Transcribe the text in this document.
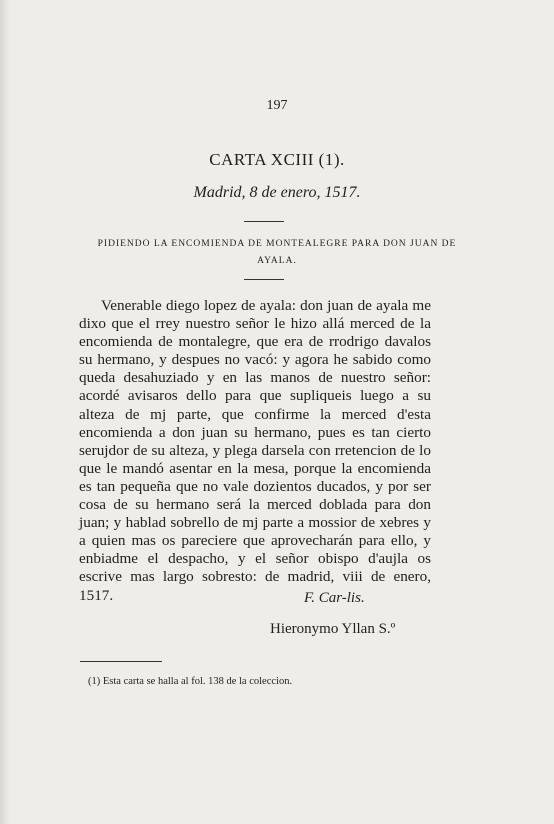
197
CARTA XCIII (1).
Madrid, 8 de enero, 1517.
PIDIENDO LA ENCOMIENDA DE MONTEALEGRE PARA DON JUAN DE AYALA.
Venerable diego lopez de ayala: don juan de ayala me dixo que el rrey nuestro señor le hizo allá merced de la encomienda de montalegre, que era de rrodrigo davalos su hermano, y despues no vacó: y agora he sabido como queda desahuziado y en las manos de nuestro señor: acordé avisaros dello para que supliqueis luego a su alteza de mj parte, que confirme la merced d'esta encomienda a don juan su hermano, pues es tan cierto serujdor de su alteza, y plega darsela con rretencion de lo que le mandó asentar en la mesa, porque la encomienda es tan pequeña que no vale dozientos ducados, y por ser cosa de su hermano será la merced doblada para don juan; y hablad sobrello de mj parte a mossior de xebres y a quien mas os pareciere que aprovecharán para ello, y enbiadme el despacho, y el señor obispo d'aujla os escrive mas largo sobresto: de madrid, viii de enero, 1517.	F. Car-lis.
Hieronymo Yllan S.º
(1) Esta carta se halla al fol. 138 de la coleccion.
